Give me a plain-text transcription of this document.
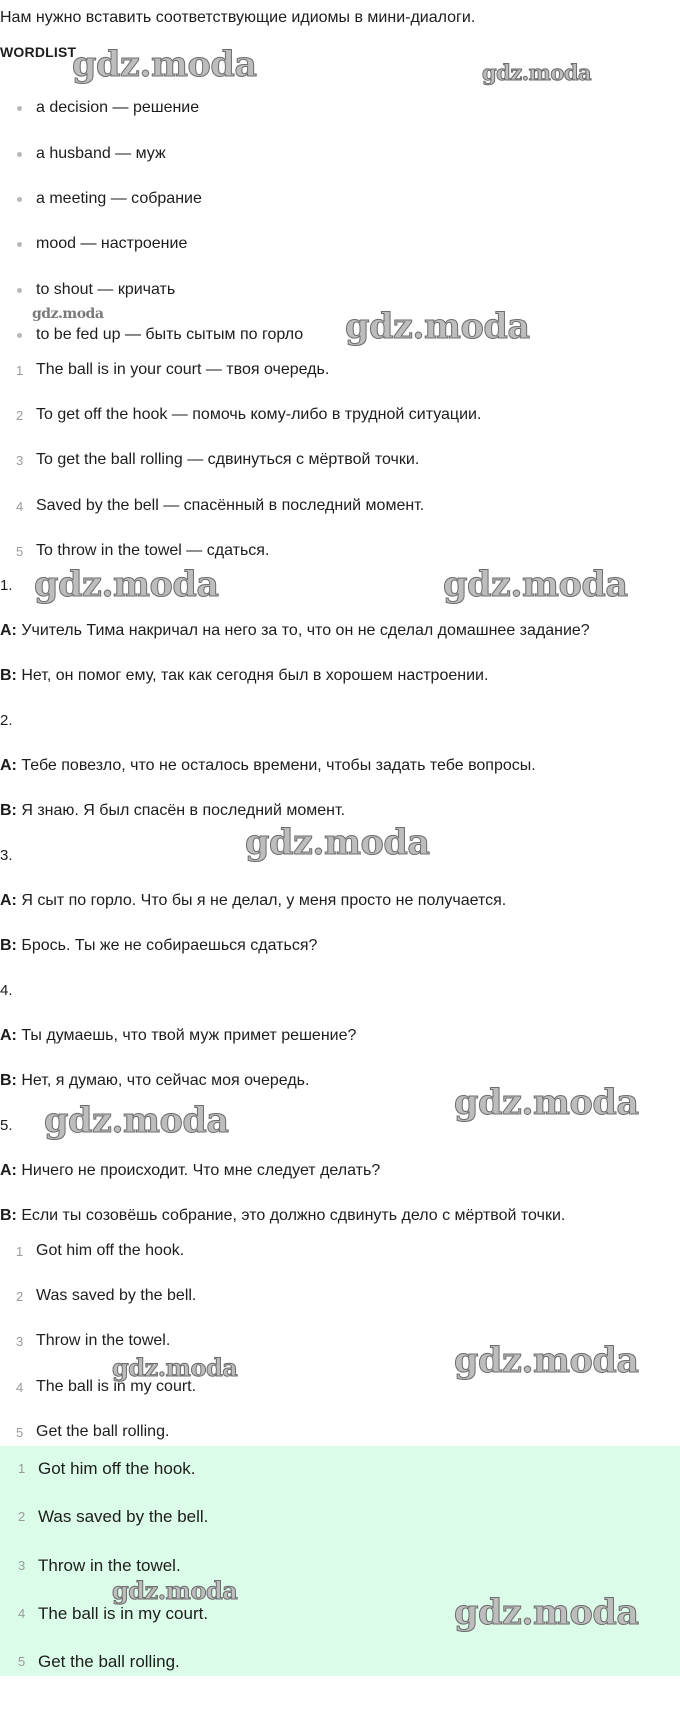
Нам нужно вставить соответствующие идиомы в мини-диалоги.
WORDLIST
a decision — решение
a husband — муж
a meeting — собрание
mood — настроение
to shout — кричать
to be fed up — быть сытым по горло
1 The ball is in your court — твоя очередь.
2 To get off the hook — помочь кому-либо в трудной ситуации.
3 To get the ball rolling — сдвинуться с мёртвой точки.
4 Saved by the bell — спасённый в последний момент.
5 To throw in the towel — сдаться.
1.
A: Учитель Тима накричал на него за то, что он не сделал домашнее задание?
B: Нет, он помог ему, так как сегодня был в хорошем настроении.
2.
A: Тебе повезло, что не осталось времени, чтобы задать тебе вопросы.
B: Я знаю. Я был спасён в последний момент.
3.
A: Я сыт по горло. Что бы я не делал, у меня просто не получается.
B: Брось. Ты же не собираешься сдаться?
4.
A: Ты думаешь, что твой муж примет решение?
B: Нет, я думаю, что сейчас моя очередь.
5.
A: Ничего не происходит. Что мне следует делать?
B: Если ты созовёшь собрание, это должно сдвинуть дело с мёртвой точки.
1 Got him off the hook.
2 Was saved by the bell.
3 Throw in the towel.
4 The ball is in my court.
5 Get the ball rolling.
1 Got him off the hook.
2 Was saved by the bell.
3 Throw in the towel.
4 The ball is in my court.
5 Get the ball rolling.
gdz.moda	gdz.moda
gdz.moda	gdz.moda
gdz.moda	gdz.moda
gdz.moda
gdz.moda
gdz.moda
gdz.moda	gdz.moda
gdz.moda
gdz.moda
